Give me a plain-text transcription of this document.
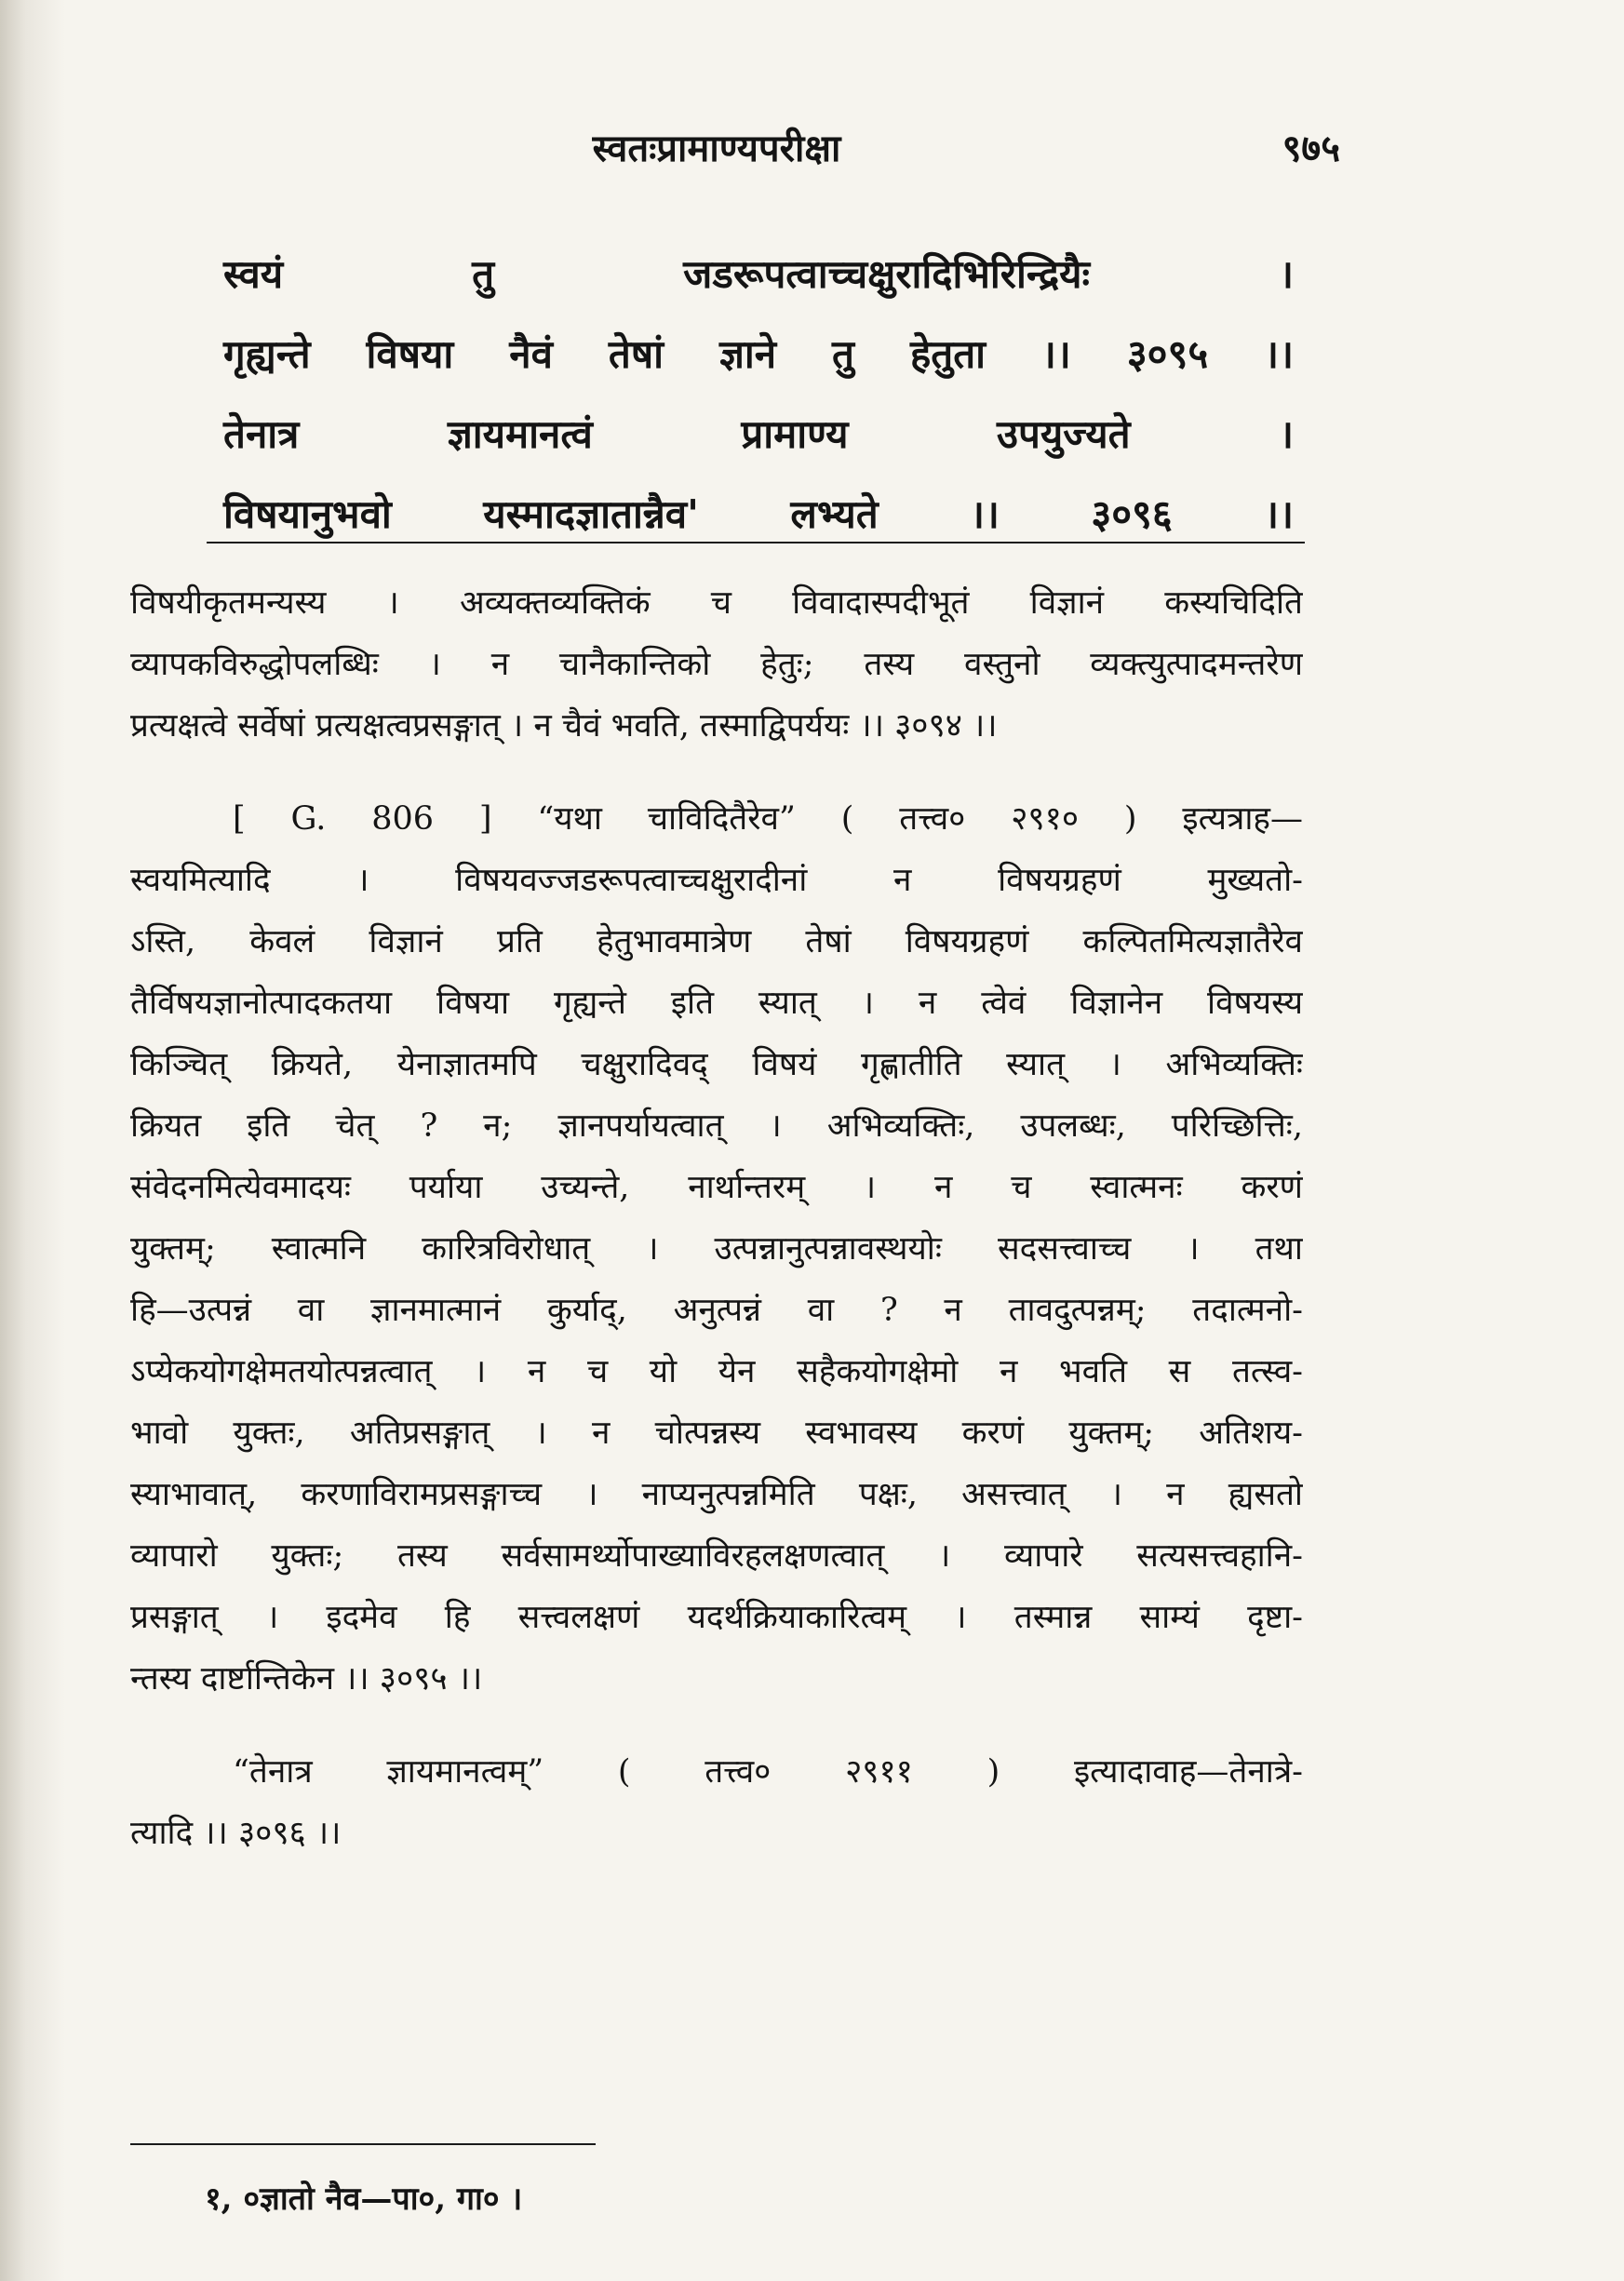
स्वतःप्रामाण्यपरीक्षा	९७५
स्वयं तु जडरूपत्वाच्चक्षुरादिभिरिन्द्रियैः ।
गृह्यन्ते विषया नैवं तेषां ज्ञाने तु हेतुता ।। ३०९५ ।।
तेनात्र ज्ञायमानत्वं प्रामाण्य उपयुज्यते ।
विषयानुभवो यस्मादज्ञातान्नैव' लभ्यते ।। ३०९६ ।।
विषयीकृतमन्यस्य । अव्यक्तव्यक्तिकं च विवादास्पदीभूतं विज्ञानं कस्यचिदिति
व्यापकविरुद्धोपलब्धिः । न चानैकान्तिको हेतुः; तस्य वस्तुनो व्यक्त्युत्पादमन्तरेण
प्रत्यक्षत्वे सर्वेषां प्रत्यक्षत्वप्रसङ्गात् । न चैवं भवति, तस्माद्विपर्ययः ।। ३०९४ ।।
[ G. 806 ] “यथा चाविदितैरेव” ( तत्त्व० २९१० ) इत्यत्राह—
स्वयमित्यादि । विषयवज्जडरूपत्वाच्चक्षुरादीनां न विषयग्रहणं मुख्यतो-
ऽस्ति, केवलं विज्ञानं प्रति हेतुभावमात्रेण तेषां विषयग्रहणं कल्पितमित्यज्ञातैरेव
तैर्विषयज्ञानोत्पादकतया विषया गृह्यन्ते इति स्यात् । न त्वेवं विज्ञानेन विषयस्य
किञ्चित् क्रियते, येनाज्ञातमपि चक्षुरादिवद् विषयं गृह्णातीति स्यात् । अभिव्यक्तिः
क्रियत इति चेत् ? न; ज्ञानपर्यायत्वात् । अभिव्यक्तिः, उपलब्धः, परिच्छित्तिः,
संवेदनमित्येवमादयः पर्याया उच्यन्ते, नार्थान्तरम् । न च स्वात्मनः करणं
युक्तम्; स्वात्मनि कारित्रविरोधात् । उत्पन्नानुत्पन्नावस्थयोः सदसत्त्वाच्च । तथा
हि—उत्पन्नं वा ज्ञानमात्मानं कुर्याद्, अनुत्पन्नं वा ? न तावदुत्पन्नम्; तदात्मनो-
ऽप्येकयोगक्षेमतयोत्पन्नत्वात् । न च यो येन सहैकयोगक्षेमो न भवति स तत्स्व-
भावो युक्तः, अतिप्रसङ्गात् । न चोत्पन्नस्य स्वभावस्य करणं युक्तम्; अतिशय-
स्याभावात्, करणाविरामप्रसङ्गाच्च । नाप्यनुत्पन्नमिति पक्षः, असत्त्वात् । न ह्यसतो
व्यापारो युक्तः; तस्य सर्वसामर्थ्योपाख्याविरहलक्षणत्वात् । व्यापारे सत्यसत्त्वहानि-
प्रसङ्गात् । इदमेव हि सत्त्वलक्षणं यदर्थक्रियाकारित्वम् । तस्मान्न साम्यं दृष्टा-
न्तस्य दार्ष्टान्तिकेन ।। ३०९५ ।।
“तेनात्र ज्ञायमानत्वम्” ( तत्त्व० २९११ ) इत्यादावाह—तेनात्रे-
त्यादि ।। ३०९६ ।।
१, ०ज्ञातो नैव—पा०, गा० ।
